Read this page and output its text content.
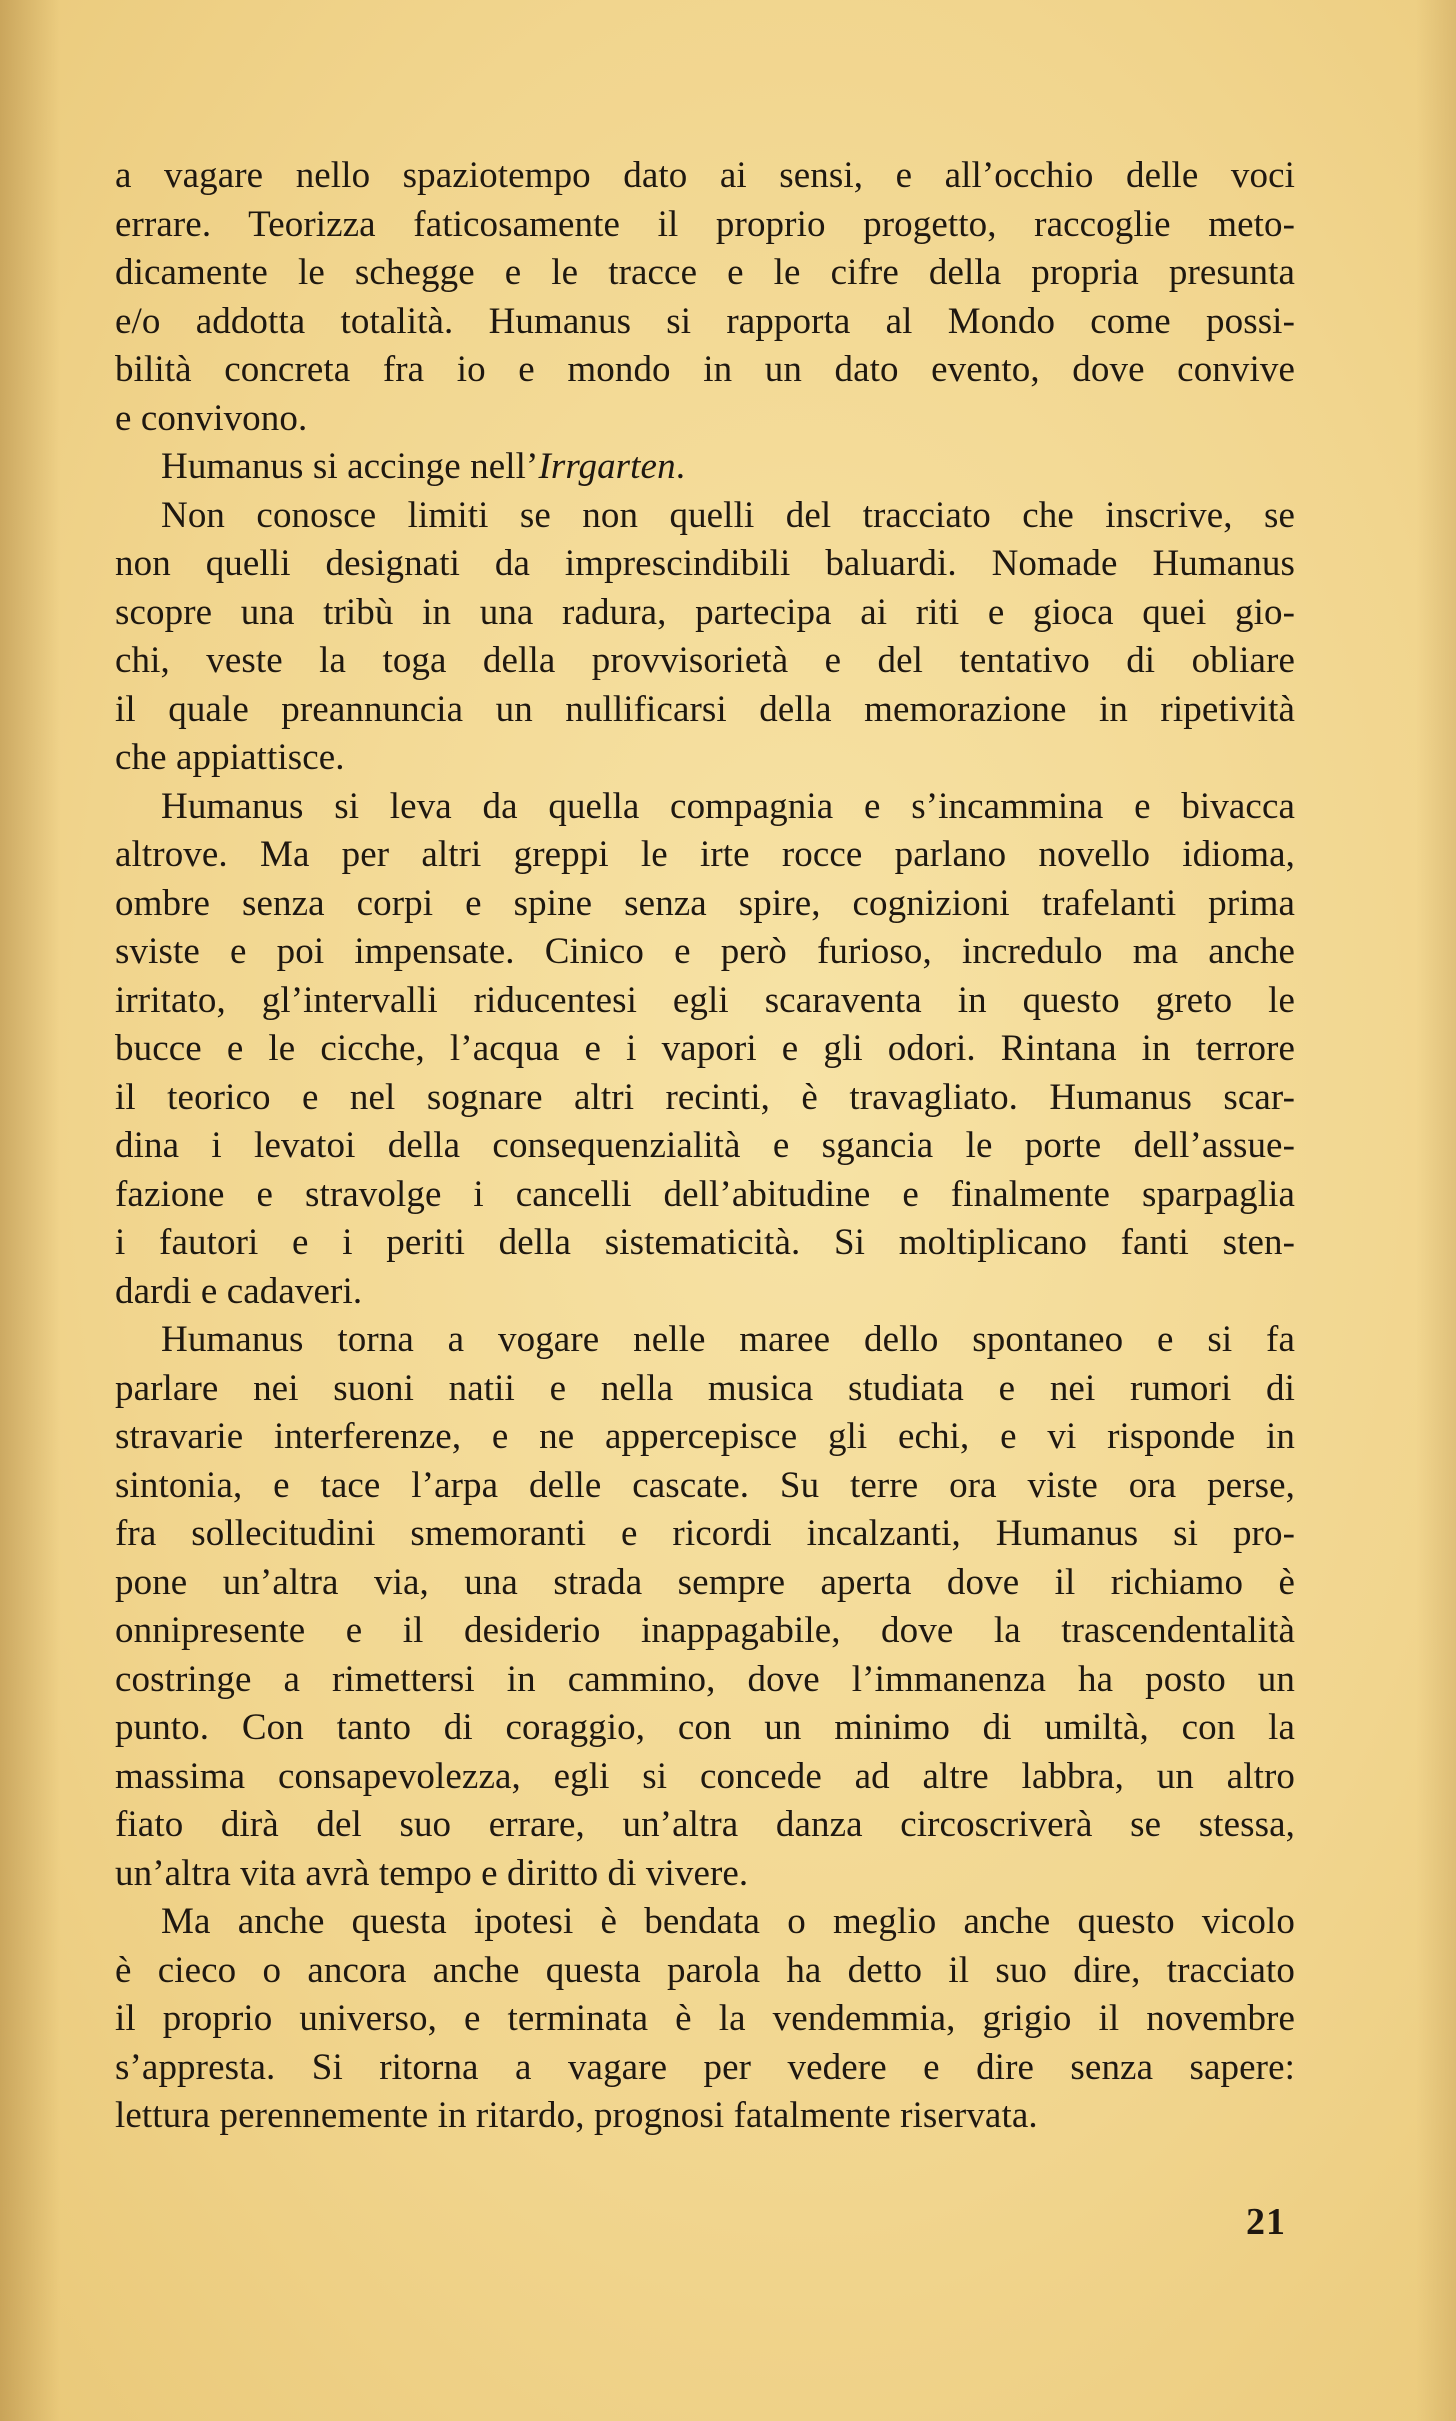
a vagare nello spaziotempo dato ai sensi, e all’occhio delle voci
errare. Teorizza faticosamente il proprio progetto, raccoglie meto-
dicamente le schegge e le tracce e le cifre della propria presunta
e/o addotta totalità. Humanus si rapporta al Mondo come possi-
bilità concreta fra io e mondo in un dato evento, dove convive
e convivono.
Humanus si accinge nell’Irrgarten.
Non conosce limiti se non quelli del tracciato che inscrive, se
non quelli designati da imprescindibili baluardi. Nomade Humanus
scopre una tribù in una radura, partecipa ai riti e gioca quei gio-
chi, veste la toga della provvisorietà e del tentativo di obliare
il quale preannuncia un nullificarsi della memorazione in ripetività
che appiattisce.
Humanus si leva da quella compagnia e s’incammina e bivacca
altrove. Ma per altri greppi le irte rocce parlano novello idioma,
ombre senza corpi e spine senza spire, cognizioni trafelanti prima
sviste e poi impensate. Cinico e però furioso, incredulo ma anche
irritato, gl’intervalli riducentesi egli scaraventa in questo greto le
bucce e le cicche, l’acqua e i vapori e gli odori. Rintana in terrore
il teorico e nel sognare altri recinti, è travagliato. Humanus scar-
dina i levatoi della consequenzialità e sgancia le porte dell’assue-
fazione e stravolge i cancelli dell’abitudine e finalmente sparpaglia
i fautori e i periti della sistematicità. Si moltiplicano fanti sten-
dardi e cadaveri.
Humanus torna a vogare nelle maree dello spontaneo e si fa
parlare nei suoni natii e nella musica studiata e nei rumori di
stravarie interferenze, e ne appercepisce gli echi, e vi risponde in
sintonia, e tace l’arpa delle cascate. Su terre ora viste ora perse,
fra sollecitudini smemoranti e ricordi incalzanti, Humanus si pro-
pone un’altra via, una strada sempre aperta dove il richiamo è
onnipresente e il desiderio inappagabile, dove la trascendentalità
costringe a rimettersi in cammino, dove l’immanenza ha posto un
punto. Con tanto di coraggio, con un minimo di umiltà, con la
massima consapevolezza, egli si concede ad altre labbra, un altro
fiato dirà del suo errare, un’altra danza circoscriverà se stessa,
un’altra vita avrà tempo e diritto di vivere.
Ma anche questa ipotesi è bendata o meglio anche questo vicolo
è cieco o ancora anche questa parola ha detto il suo dire, tracciato
il proprio universo, e terminata è la vendemmia, grigio il novembre
s’appresta. Si ritorna a vagare per vedere e dire senza sapere:
lettura perennemente in ritardo, prognosi fatalmente riservata.
21
